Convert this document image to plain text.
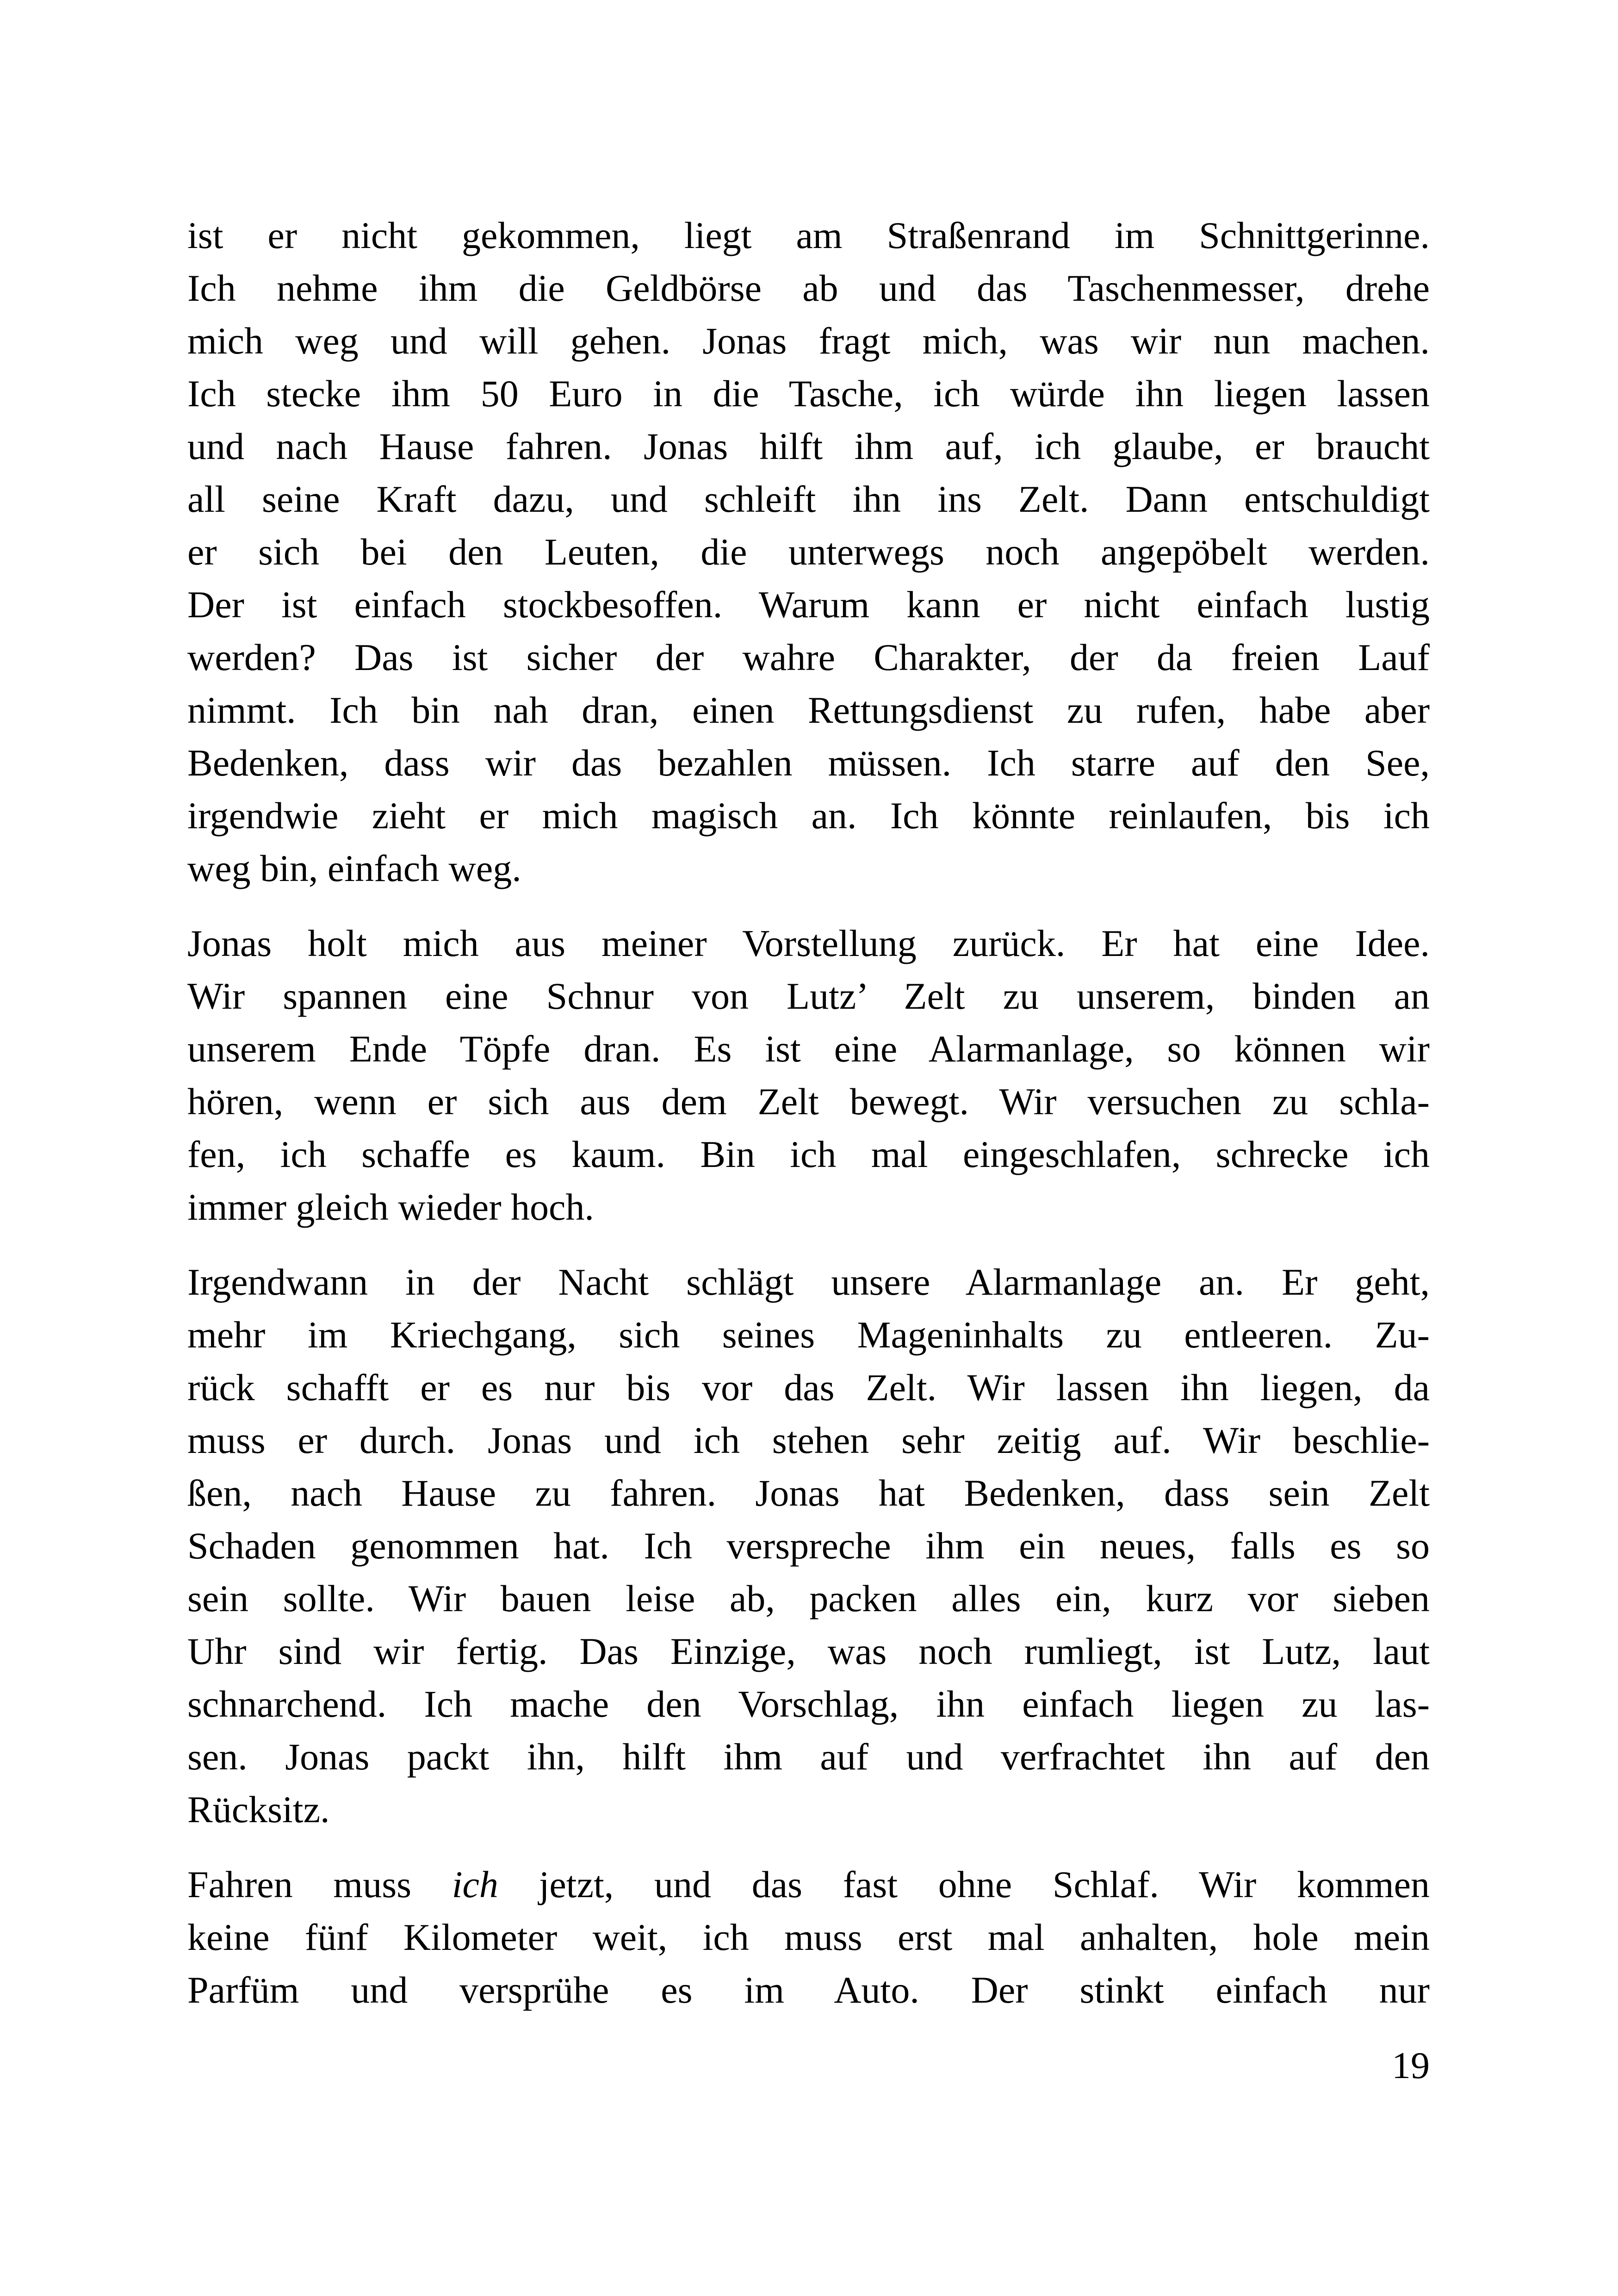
ist er nicht gekommen, liegt am Straßenrand im Schnittgerinne.
Ich nehme ihm die Geldbörse ab und das Taschenmesser, drehe
mich weg und will gehen. Jonas fragt mich, was wir nun machen.
Ich stecke ihm 50 Euro in die Tasche, ich würde ihn liegen lassen
und nach Hause fahren. Jonas hilft ihm auf, ich glaube, er braucht
all seine Kraft dazu, und schleift ihn ins Zelt. Dann entschuldigt
er sich bei den Leuten, die unterwegs noch angepöbelt werden.
Der ist einfach stockbesoffen. Warum kann er nicht einfach lustig
werden? Das ist sicher der wahre Charakter, der da freien Lauf
nimmt. Ich bin nah dran, einen Rettungsdienst zu rufen, habe aber
Bedenken, dass wir das bezahlen müssen. Ich starre auf den See,
irgendwie zieht er mich magisch an. Ich könnte reinlaufen, bis ich
weg bin, einfach weg.
Jonas holt mich aus meiner Vorstellung zurück. Er hat eine Idee.
Wir spannen eine Schnur von Lutz’ Zelt zu unserem, binden an
unserem Ende Töpfe dran. Es ist eine Alarmanlage, so können wir
hören, wenn er sich aus dem Zelt bewegt. Wir versuchen zu schla-
fen, ich schaffe es kaum. Bin ich mal eingeschlafen, schrecke ich
immer gleich wieder hoch.
Irgendwann in der Nacht schlägt unsere Alarmanlage an. Er geht,
mehr im Kriechgang, sich seines Mageninhalts zu entleeren. Zu-
rück schafft er es nur bis vor das Zelt. Wir lassen ihn liegen, da
muss er durch. Jonas und ich stehen sehr zeitig auf. Wir beschlie-
ßen, nach Hause zu fahren. Jonas hat Bedenken, dass sein Zelt
Schaden genommen hat. Ich verspreche ihm ein neues, falls es so
sein sollte. Wir bauen leise ab, packen alles ein, kurz vor sieben
Uhr sind wir fertig. Das Einzige, was noch rumliegt, ist Lutz, laut
schnarchend. Ich mache den Vorschlag, ihn einfach liegen zu las-
sen. Jonas packt ihn, hilft ihm auf und verfrachtet ihn auf den
Rücksitz.
Fahren muss ich jetzt, und das fast ohne Schlaf. Wir kommen
keine fünf Kilometer weit, ich muss erst mal anhalten, hole mein
Parfüm und versprühe es im Auto. Der stinkt einfach nur
19
